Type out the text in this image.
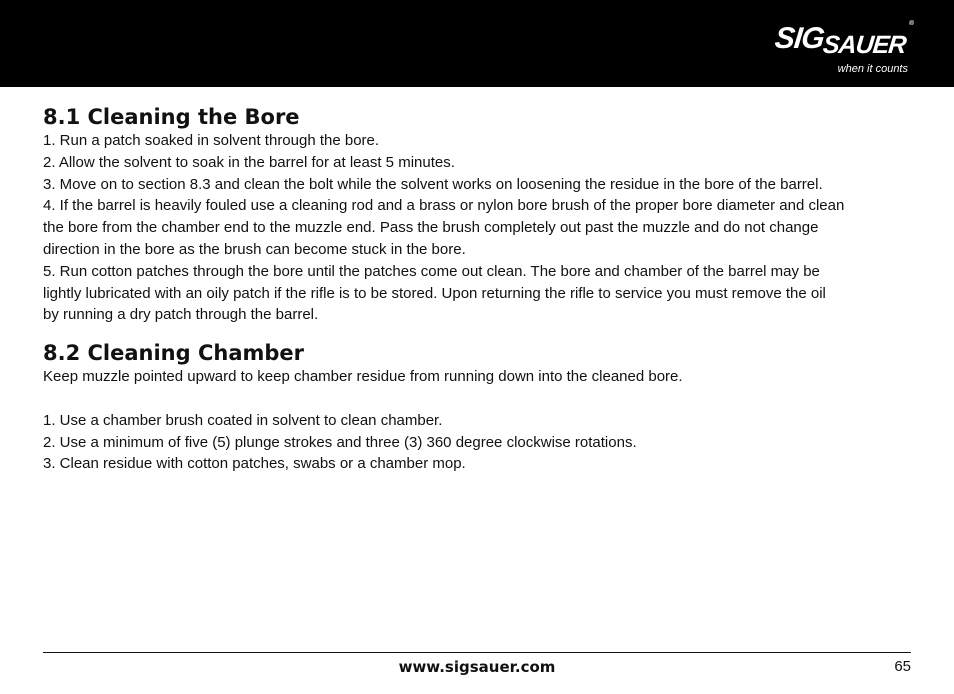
SIGSAUER®
when it counts
8.1 Cleaning the Bore

1. Run a patch soaked in solvent through the bore.

2. Allow the solvent to soak in the barrel for at least 5 minutes.

3. Move on to section 8.3 and clean the bolt while the solvent works on loosening the residue in the bore of the barrel.

4. If the barrel is heavily fouled use a cleaning rod and a brass or nylon bore brush of the proper bore diameter and clean

the bore from the chamber end to the muzzle end. Pass the brush completely out past the muzzle and do not change

direction in the bore as the brush can become stuck in the bore.

5. Run cotton patches through the bore until the patches come out clean. The bore and chamber of the barrel may be

lightly lubricated with an oily patch if the rifle is to be stored. Upon returning the rifle to service you must remove the oil

by running a dry patch through the barrel.

8.2 Cleaning Chamber

Keep muzzle pointed upward to keep chamber residue from running down into the cleaned bore.

1. Use a chamber brush coated in solvent to clean chamber.

2. Use a minimum of five (5) plunge strokes and three (3) 360 degree clockwise rotations.

3. Clean residue with cotton patches, swabs or a chamber mop.

www.sigsauer.com	65
